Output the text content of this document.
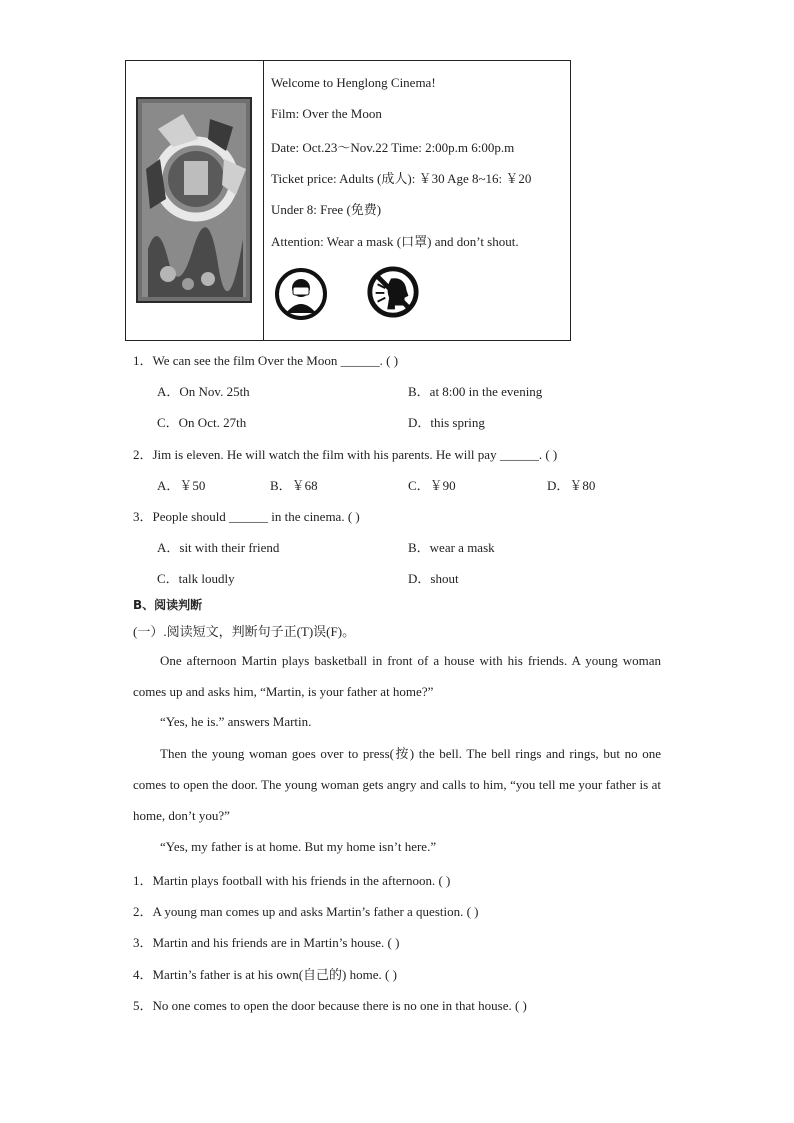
Welcome to Henglong Cinema!
Film: Over the Moon
Date: Oct.23～Nov.22 Time: 2:00p.m 6:00p.m
Ticket price: Adults (成人): ￥30 Age 8~16: ￥20
Under 8: Free (免费)
Attention: Wear a mask (口罩) and don’t shout.
1．We can see the film Over the Moon ______. ( )
A．On Nov. 25th	B．at 8:00 in the evening
C．On Oct. 27th	D．this spring
2．Jim is eleven. He will watch the film with his parents. He will pay ______. ( )
A．￥50	B．￥68	C．￥90	D．￥80
3．People should ______ in the cinema. ( )
A．sit with their friend	B．wear a mask
C．talk loudly	D．shout
B、阅读判断
(一）.阅读短文，判断句子正(T)误(F)。
One afternoon Martin plays basketball in front of a house with his friends. A young woman comes up and asks him, “Martin, is your father at home?”
“Yes, he is.” answers Martin.
Then the young woman goes over to press(按) the bell. The bell rings and rings, but no one comes to open the door. The young woman gets angry and calls to him, “you tell me your father is at home, don’t you?”
“Yes, my father is at home. But my home isn’t here.”
1．Martin plays football with his friends in the afternoon. ( )
2．A young man comes up and asks Martin’s father a question. ( )
3．Martin and his friends are in Martin’s house. ( )
4．Martin’s father is at his own(自己的) home. ( )
5．No one comes to open the door because there is no one in that house. ( )
